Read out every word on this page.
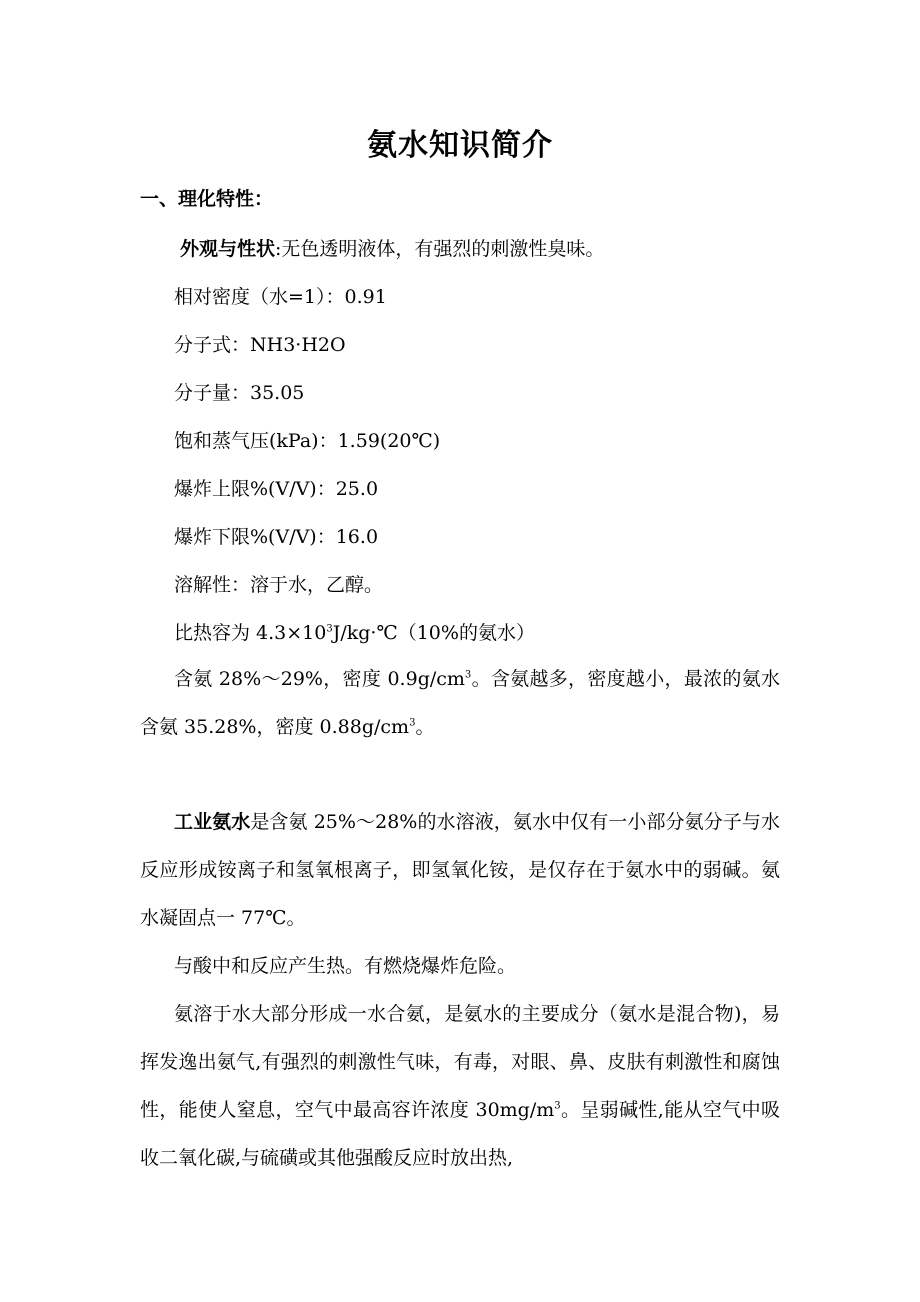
氨水知识简介
一、理化特性：
外观与性状:无色透明液体，有强烈的刺激性臭味。
相对密度（水=1）：0.91
分子式：NH3·H2O
分子量：35.05
饱和蒸气压(kPa)：1.59(20℃)
爆炸上限%(V/V)：25.0
爆炸下限%(V/V)：16.0
溶解性：溶于水，乙醇。
比热容为 $4.3\times 10^3J/kg\cdot℃(10\%$的氨水）
含氨 28%～29%，密度 $0.9g/cm^3$。含氨越多，密度越小，最浓的氨水含氨 35.28%，密度 $0.88g/cm^3$。
工业氨水是含氨 25%～28%的水溶液，氨水中仅有一小部分氨分子与水反应形成铵离子和氢氧根离子，即氢氧化铵，是仅存在于氨水中的弱碱。氨水凝固点一 77℃。
与酸中和反应产生热。有燃烧爆炸危险。
氨溶于水大部分形成一水合氨，是氨水的主要成分（氨水是混合物)，易挥发逸出氨气,有强烈的刺激性气味，有毒，对眼、鼻、皮肤有刺激性和腐蚀性，能使人窒息，空气中最高容许浓度 $30mg/m^3$。呈弱碱性,能从空气中吸收二氧化碳,与硫磺或其他强酸反应时放出热,
